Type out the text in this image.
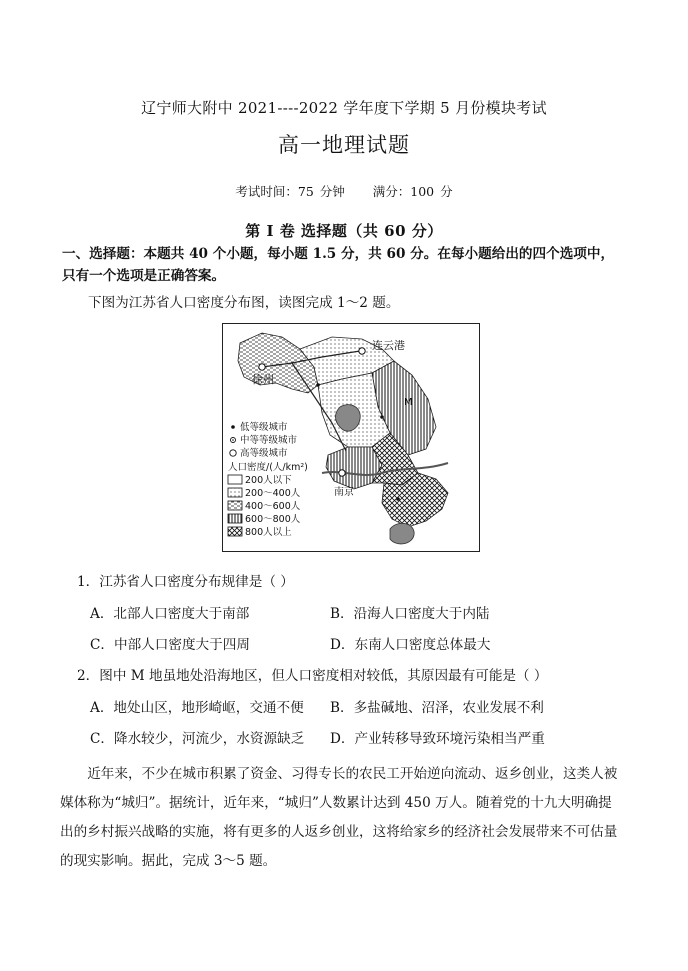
辽宁师大附中 2021----2022 学年度下学期 5 月份模块考试
高一地理试题
考试时间：75 分钟 满分：100 分
第 Ⅰ 卷 选择题（共 60 分）
一、选择题：本题共 40 个小题，每小题 1.5 分，共 60 分。在每小题给出的四个选项中，只有一个选项是正确答案。
下图为江苏省人口密度分布图，读图完成 1～2 题。
连云港
徐州
M
南京
低等级城市
中等等级城市
高等级城市
人口密度/(人/km²)
200人以下
200～400人
400～600人
600～800人
800人以上
1．江苏省人口密度分布规律是（ ）
A．北部人口密度大于南部	B．沿海人口密度大于内陆
C．中部人口密度大于四周	D．东南人口密度总体最大
2．图中 M 地虽地处沿海地区，但人口密度相对较低，其原因最有可能是（ ）
A．地处山区，地形崎岖，交通不便 B．多盐碱地、沼泽，农业发展不利
C．降水较少，河流少，水资源缺乏 D．产业转移导致环境污染相当严重
近年来，不少在城市积累了资金、习得专长的农民工开始逆向流动、返乡创业，这类人被媒体称为“城归”。据统计，近年来，“城归”人数累计达到 450 万人。随着党的十九大明确提出的乡村振兴战略的实施，将有更多的人返乡创业，这将给家乡的经济社会发展带来不可估量的现实影响。据此，完成 3～5 题。
